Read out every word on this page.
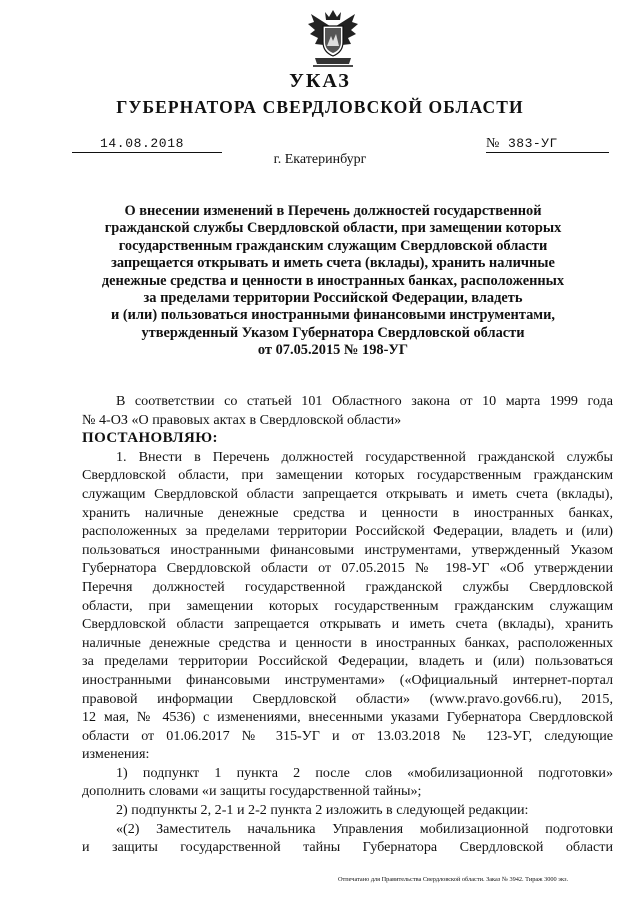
УКАЗ
ГУБЕРНАТОРА СВЕРДЛОВСКОЙ ОБЛАСТИ
14.08.2018	№ 383-УГ
г. Екатеринбург
О внесении изменений в Перечень должностей государственной
гражданской службы Свердловской области, при замещении которых
государственным гражданским служащим Свердловской области
запрещается открывать и иметь счета (вклады), хранить наличные
денежные средства и ценности в иностранных банках, расположенных
за пределами территории Российской Федерации, владеть
и (или) пользоваться иностранными финансовыми инструментами,
утвержденный Указом Губернатора Свердловской области
от 07.05.2015 № 198-УГ
В соответствии со статьей 101 Областного закона от 10 марта 1999 года
№ 4-ОЗ «О правовых актах в Свердловской области»
ПОСТАНОВЛЯЮ:
1. Внести в Перечень должностей государственной гражданской службы
Свердловской области, при замещении которых государственным гражданским
служащим Свердловской области запрещается открывать и иметь счета (вклады),
хранить наличные денежные средства и ценности в иностранных банках,
расположенных за пределами территории Российской Федерации, владеть и (или)
пользоваться иностранными финансовыми инструментами, утвержденный Указом
Губернатора Свердловской области от 07.05.2015 № 198-УГ «Об утверждении
Перечня должностей государственной гражданской службы Свердловской
области, при замещении которых государственным гражданским служащим
Свердловской области запрещается открывать и иметь счета (вклады), хранить
наличные денежные средства и ценности в иностранных банках, расположенных
за пределами территории Российской Федерации, владеть и (или) пользоваться
иностранными финансовыми инструментами» («Официальный интернет-портал
правовой информации Свердловской области» (www.pravo.gov66.ru), 2015,
12 мая, № 4536) с изменениями, внесенными указами Губернатора Свердловской
области от 01.06.2017 № 315-УГ и от 13.03.2018 № 123-УГ, следующие
изменения:
1) подпункт 1 пункта 2 после слов «мобилизационной подготовки»
дополнить словами «и защиты государственной тайны»;
2) подпункты 2, 2-1 и 2-2 пункта 2 изложить в следующей редакции:
«(2) Заместитель начальника Управления мобилизационной подготовки
и защиты государственной тайны Губернатора Свердловской области
Отпечатано для Правительства Свердловской области. Заказ № 3942. Тираж 3000 экз.
